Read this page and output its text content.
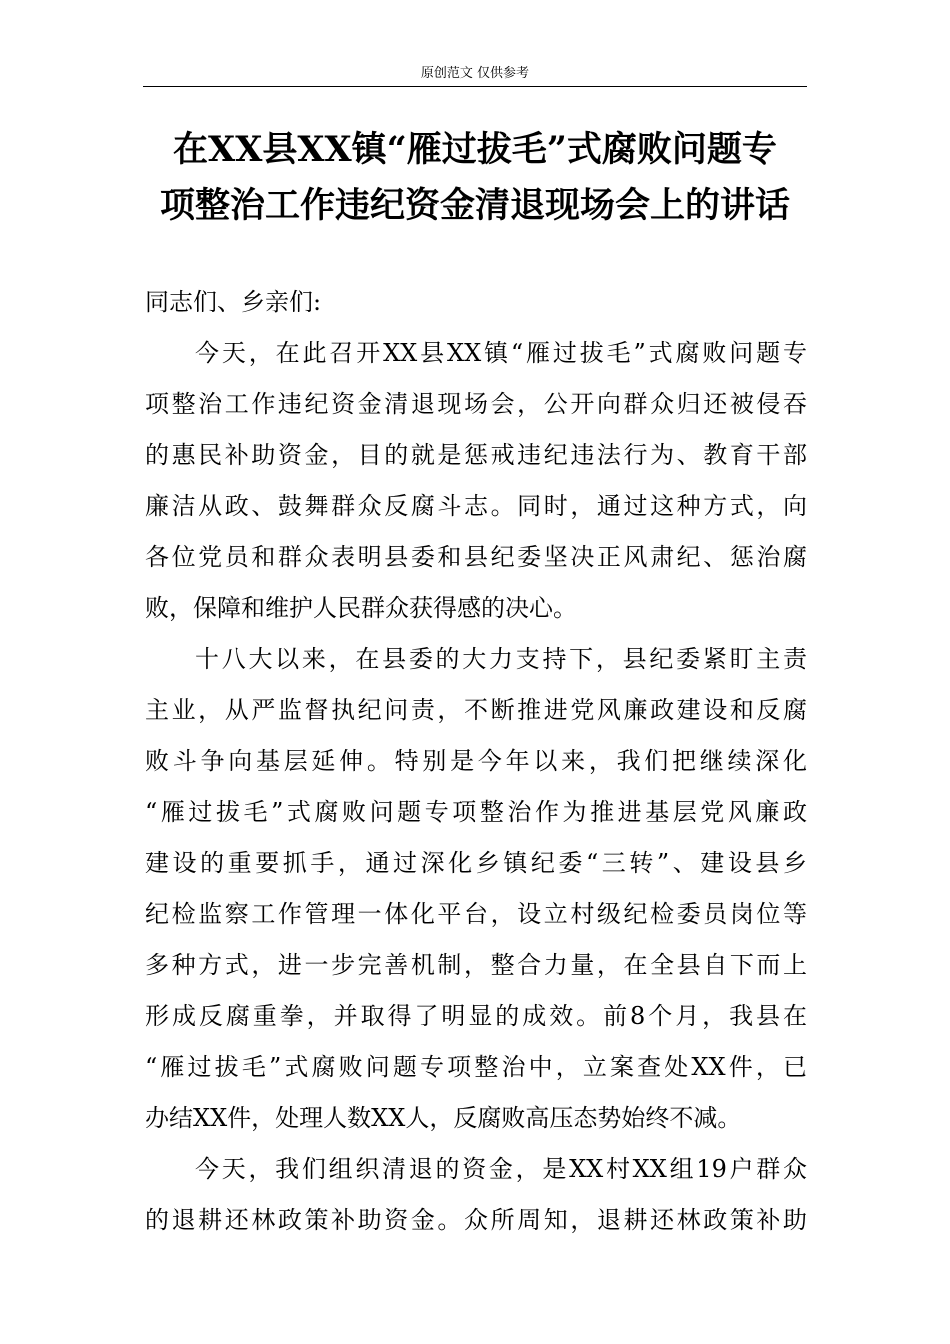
原创范文 仅供参考
在XX县XX镇“雁过拔毛”式腐败问题专
项整治工作违纪资金清退现场会上的讲话
同志们、乡亲们:
今天，在此召开XX县XX镇“雁过拔毛”式腐败问题专
项整治工作违纪资金清退现场会，公开向群众归还被侵吞
的惠民补助资金，目的就是惩戒违纪违法行为、教育干部
廉洁从政、鼓舞群众反腐斗志。同时，通过这种方式，向
各位党员和群众表明县委和县纪委坚决正风肃纪、惩治腐
败，保障和维护人民群众获得感的决心。
十八大以来，在县委的大力支持下，县纪委紧盯主责
主业，从严监督执纪问责，不断推进党风廉政建设和反腐
败斗争向基层延伸。特别是今年以来，我们把继续深化
“雁过拔毛”式腐败问题专项整治作为推进基层党风廉政
建设的重要抓手，通过深化乡镇纪委“三转”、建设县乡
纪检监察工作管理一体化平台，设立村级纪检委员岗位等
多种方式，进一步完善机制，整合力量，在全县自下而上
形成反腐重拳，并取得了明显的成效。前8个月，我县在
“雁过拔毛”式腐败问题专项整治中，立案查处XX件，已
办结XX件，处理人数XX人，反腐败高压态势始终不减。
今天，我们组织清退的资金，是XX村XX组19户群众
的退耕还林政策补助资金。众所周知，退耕还林政策补助
